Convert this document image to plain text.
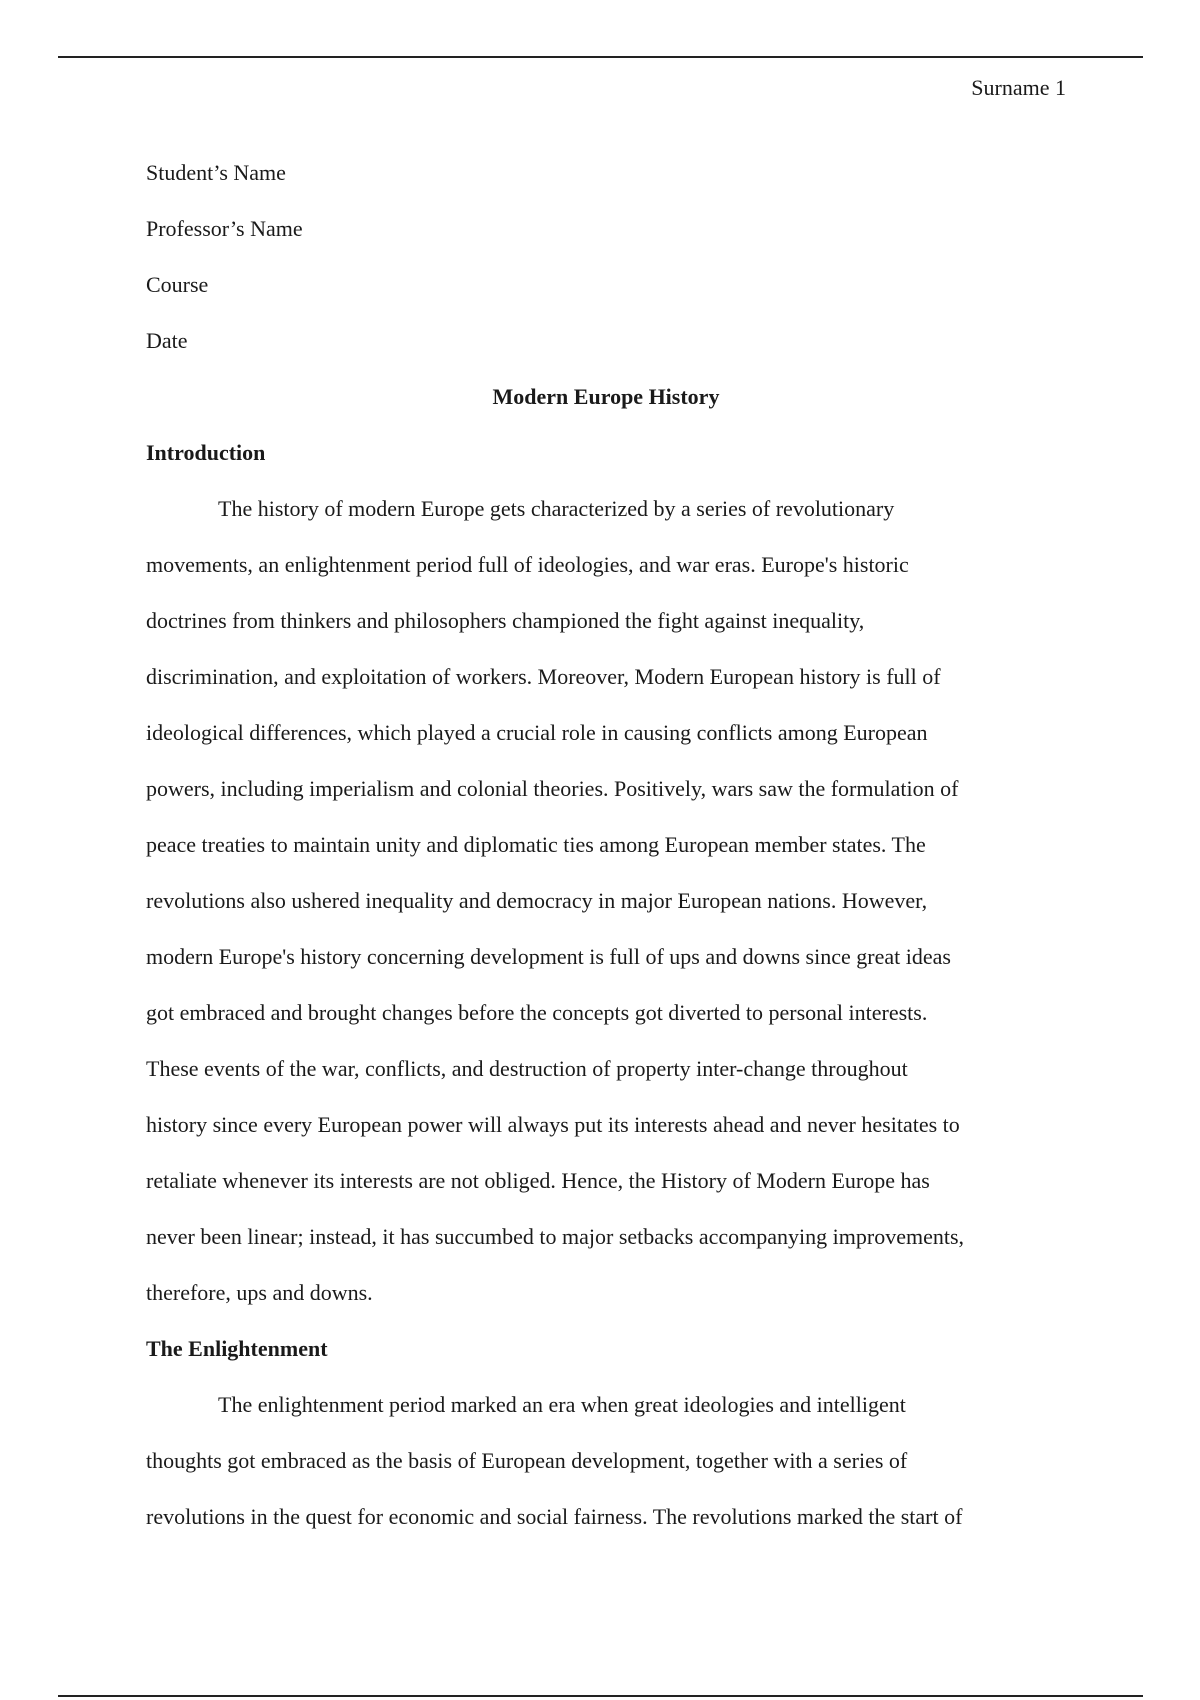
Surname 1
Student’s Name
Professor’s Name
Course
Date
Modern Europe History
Introduction
The history of modern Europe gets characterized by a series of revolutionary
movements, an enlightenment period full of ideologies, and war eras. Europe's historic
doctrines from thinkers and philosophers championed the fight against inequality,
discrimination, and exploitation of workers. Moreover, Modern European history is full of
ideological differences, which played a crucial role in causing conflicts among European
powers, including imperialism and colonial theories. Positively, wars saw the formulation of
peace treaties to maintain unity and diplomatic ties among European member states. The
revolutions also ushered inequality and democracy in major European nations. However,
modern Europe's history concerning development is full of ups and downs since great ideas
got embraced and brought changes before the concepts got diverted to personal interests.
These events of the war, conflicts, and destruction of property inter-change throughout
history since every European power will always put its interests ahead and never hesitates to
retaliate whenever its interests are not obliged. Hence, the History of Modern Europe has
never been linear; instead, it has succumbed to major setbacks accompanying improvements,
therefore, ups and downs.
The Enlightenment
The enlightenment period marked an era when great ideologies and intelligent
thoughts got embraced as the basis of European development, together with a series of
revolutions in the quest for economic and social fairness. The revolutions marked the start of
